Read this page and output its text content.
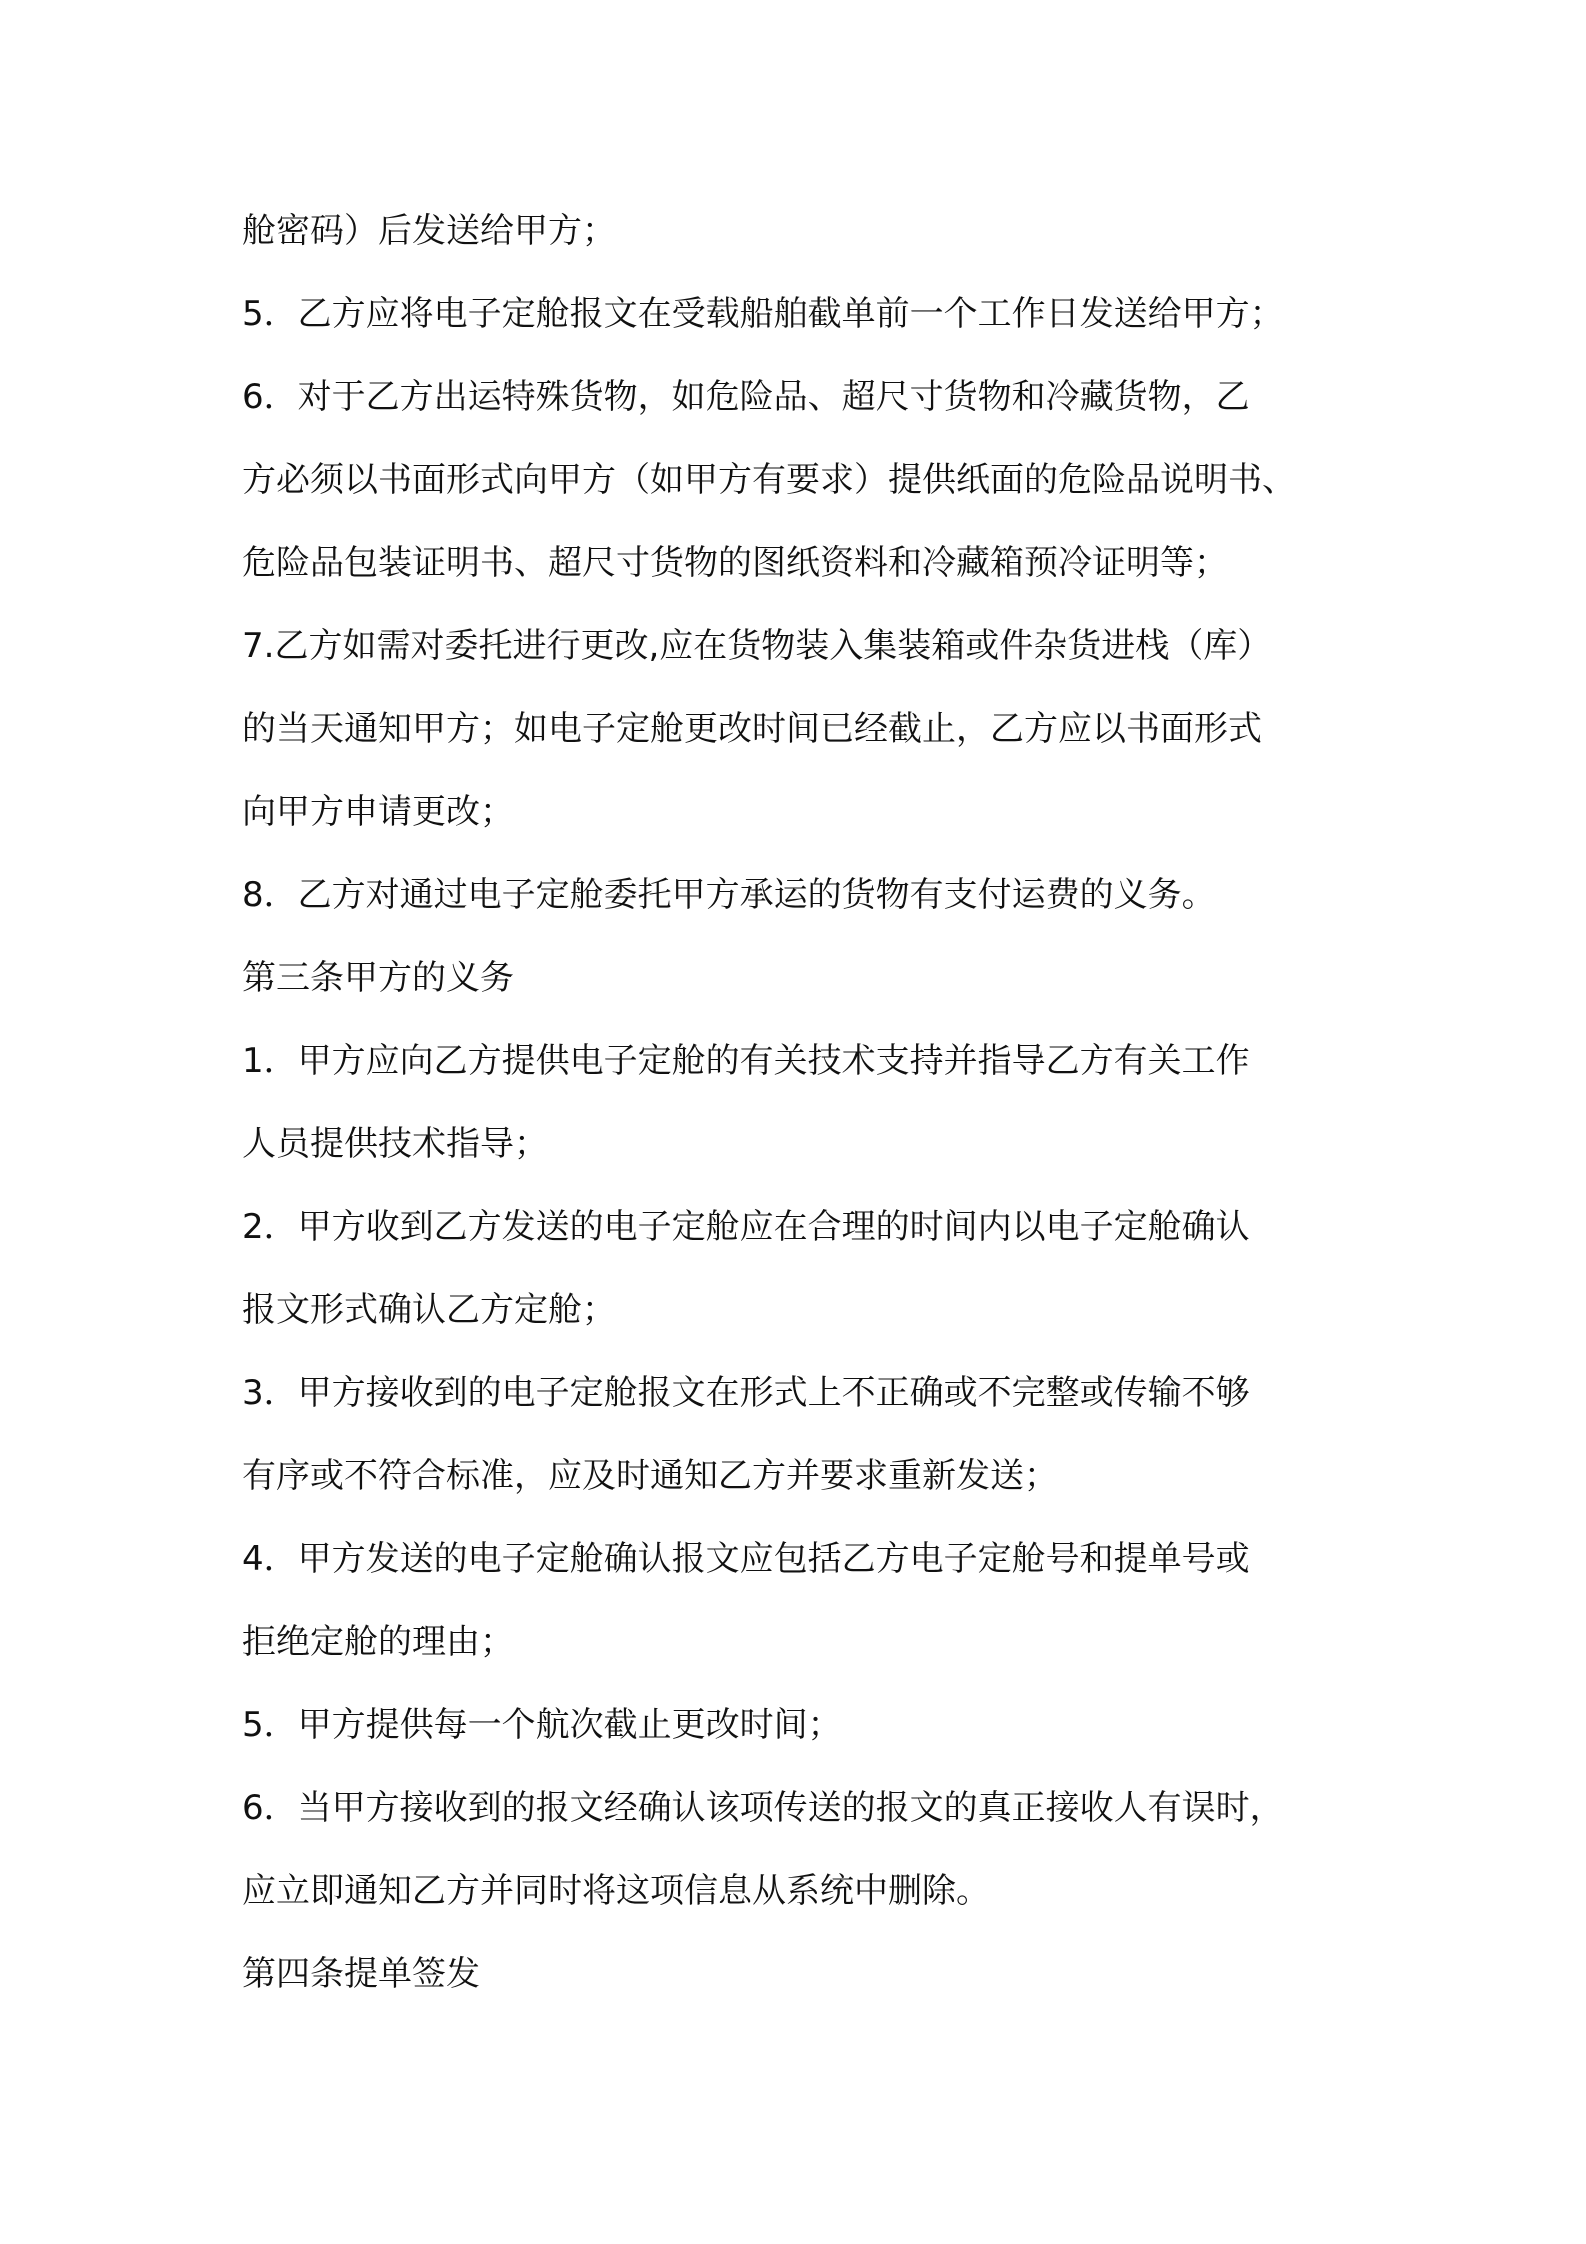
舱密码）后发送给甲方；
5．乙方应将电子定舱报文在受载船舶截单前一个工作日发送给甲方；
6．对于乙方出运特殊货物，如危险品、超尺寸货物和冷藏货物，乙
方必须以书面形式向甲方（如甲方有要求）提供纸面的危险品说明书、
危险品包装证明书、超尺寸货物的图纸资料和冷藏箱预冷证明等；
7.乙方如需对委托进行更改,应在货物装入集装箱或件杂货进栈（库）
的当天通知甲方；如电子定舱更改时间已经截止，乙方应以书面形式
向甲方申请更改；
8．乙方对通过电子定舱委托甲方承运的货物有支付运费的义务。
第三条甲方的义务
1．甲方应向乙方提供电子定舱的有关技术支持并指导乙方有关工作
人员提供技术指导；
2．甲方收到乙方发送的电子定舱应在合理的时间内以电子定舱确认
报文形式确认乙方定舱；
3．甲方接收到的电子定舱报文在形式上不正确或不完整或传输不够
有序或不符合标准，应及时通知乙方并要求重新发送；
4．甲方发送的电子定舱确认报文应包括乙方电子定舱号和提单号或
拒绝定舱的理由；
5．甲方提供每一个航次截止更改时间；
6．当甲方接收到的报文经确认该项传送的报文的真正接收人有误时，
应立即通知乙方并同时将这项信息从系统中删除。
第四条提单签发
